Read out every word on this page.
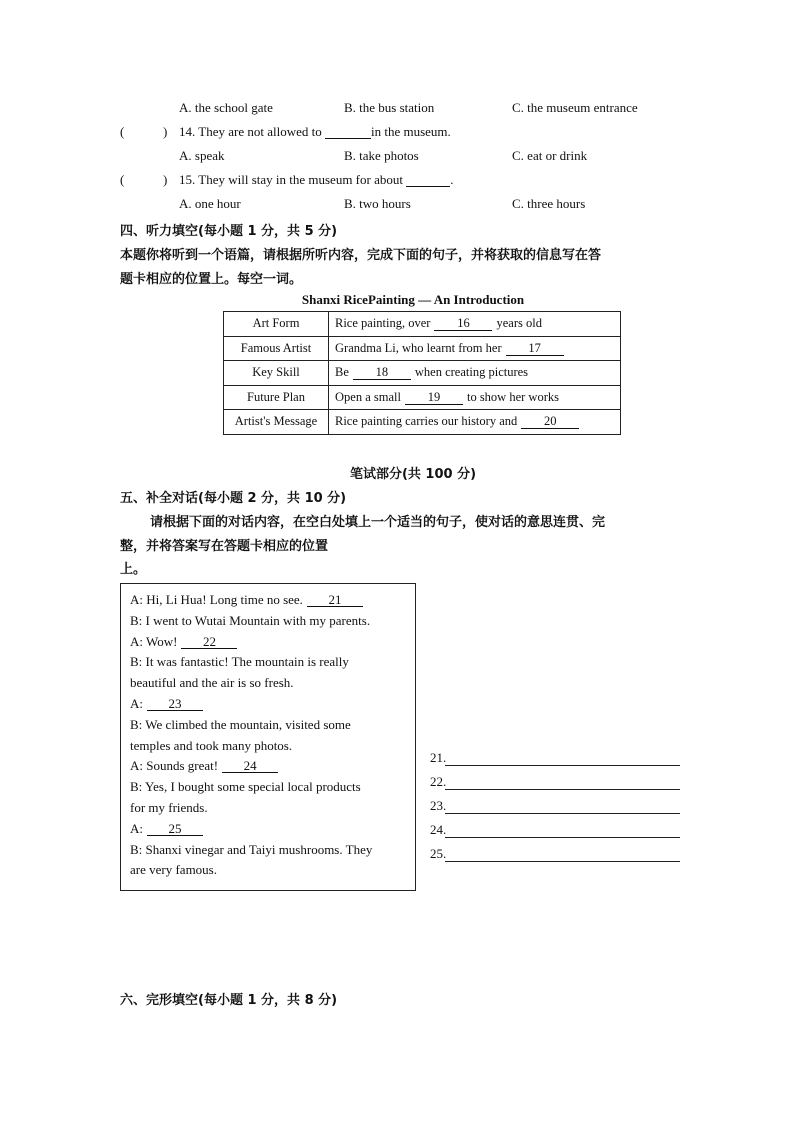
A. the school gate	B. the bus station	C. the museum entrance
(	) 14. They are not allowed to	in the museum.
A. speak	B. take photos	C. eat or drink
(	) 15. They will stay in the museum for about	.
A. one hour	B. two hours	C. three hours
四、听力填空(每小题 1 分，共 5 分)
本题你将听到一个语篇，请根据所听内容，完成下面的句子，并将获取的信息写在答
题卡相应的位置上。每空一词。
Shanxi RicePainting — An Introduction
Art Form	Rice painting, over 16 years old
Famous Artist	Grandma Li, who learnt from her 17
Key Skill	Be 18 when creating pictures
Future Plan	Open a small 19 to show her works
Artist's Message	Rice painting carries our history and 20
笔试部分(共 100 分)
五、补全对话(每小题 2 分，共 10 分)
请根据下面的对话内容，在空白处填上一个适当的句子，使对话的意思连贯、完
整，并将答案写在答题卡相应的位置
上。
A: Hi, Li Hua! Long time no see. 21
B: I went to Wutai Mountain with my parents.
A: Wow! 22
B: It was fantastic! The mountain is really
beautiful and the air is so fresh.
A: 23
B: We climbed the mountain, visited some
temples and took many photos.
A: Sounds great! 24
B: Yes, I bought some special local products
for my friends.
A: 25
B: Shanxi vinegar and Taiyi mushrooms. They
are very famous.
21.
22.
23.
24.
25.
六、完形填空(每小题 1 分，共 8 分)
